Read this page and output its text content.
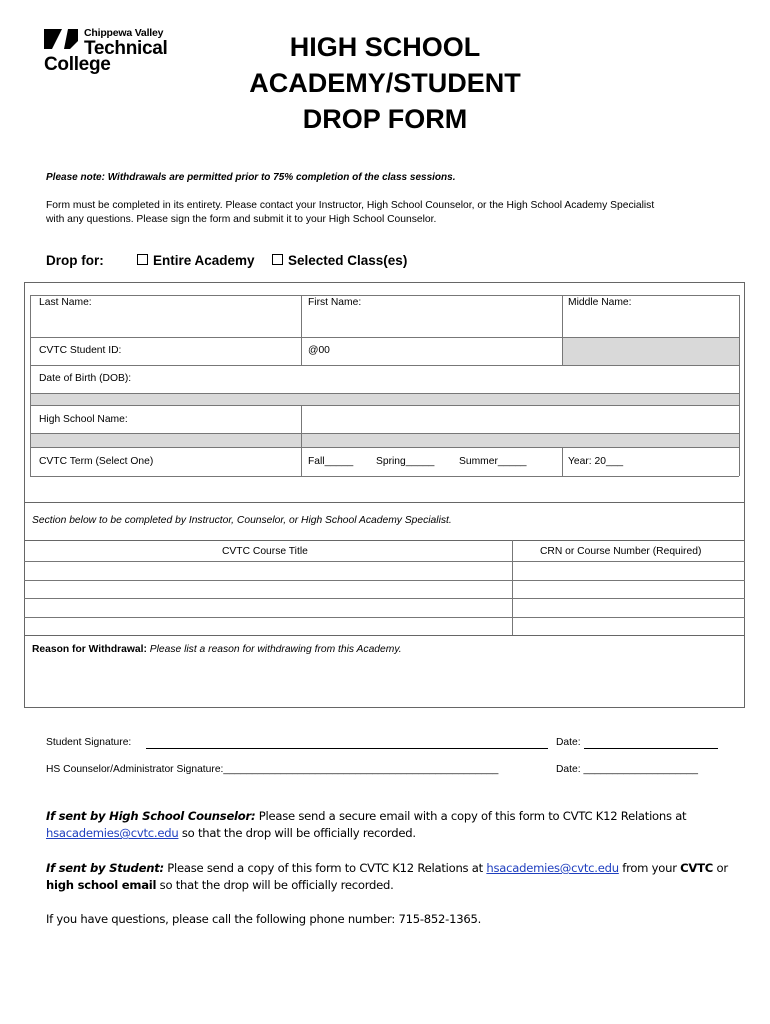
Chippewa Valley
Technical
College
HIGH SCHOOL
ACADEMY/STUDENT
DROP FORM
Please note: Withdrawals are permitted prior to 75% completion of the class sessions.
Form must be completed in its entirety. Please contact your Instructor, High School Counselor, or the High School Academy Specialist
with any questions. Please sign the form and submit it to your High School Counselor.
Drop for:	Entire Academy	Selected Class(es)
Last Name:	First Name:	Middle Name:
CVTC Student ID:	@00
Date of Birth (DOB):
High School Name:
CVTC Term (Select One)	Fall_____ Spring_____ Summer_____	Year: 20___
Section below to be completed by Instructor, Counselor, or High School Academy Specialist.
CVTC Course Title	CRN or Course Number (Required)
Reason for Withdrawal: Please list a reason for withdrawing from this Academy.
Student Signature:	Date:
HS Counselor/Administrator Signature:________________________________________________	Date: ____________________
If sent by High School Counselor: Please send a secure email with a copy of this form to CVTC K12 Relations at
hsacademies@cvtc.edu so that the drop will be officially recorded.
If sent by Student: Please send a copy of this form to CVTC K12 Relations at hsacademies@cvtc.edu from your CVTC or
high school email so that the drop will be officially recorded.
If you have questions, please call the following phone number: 715-852-1365.
